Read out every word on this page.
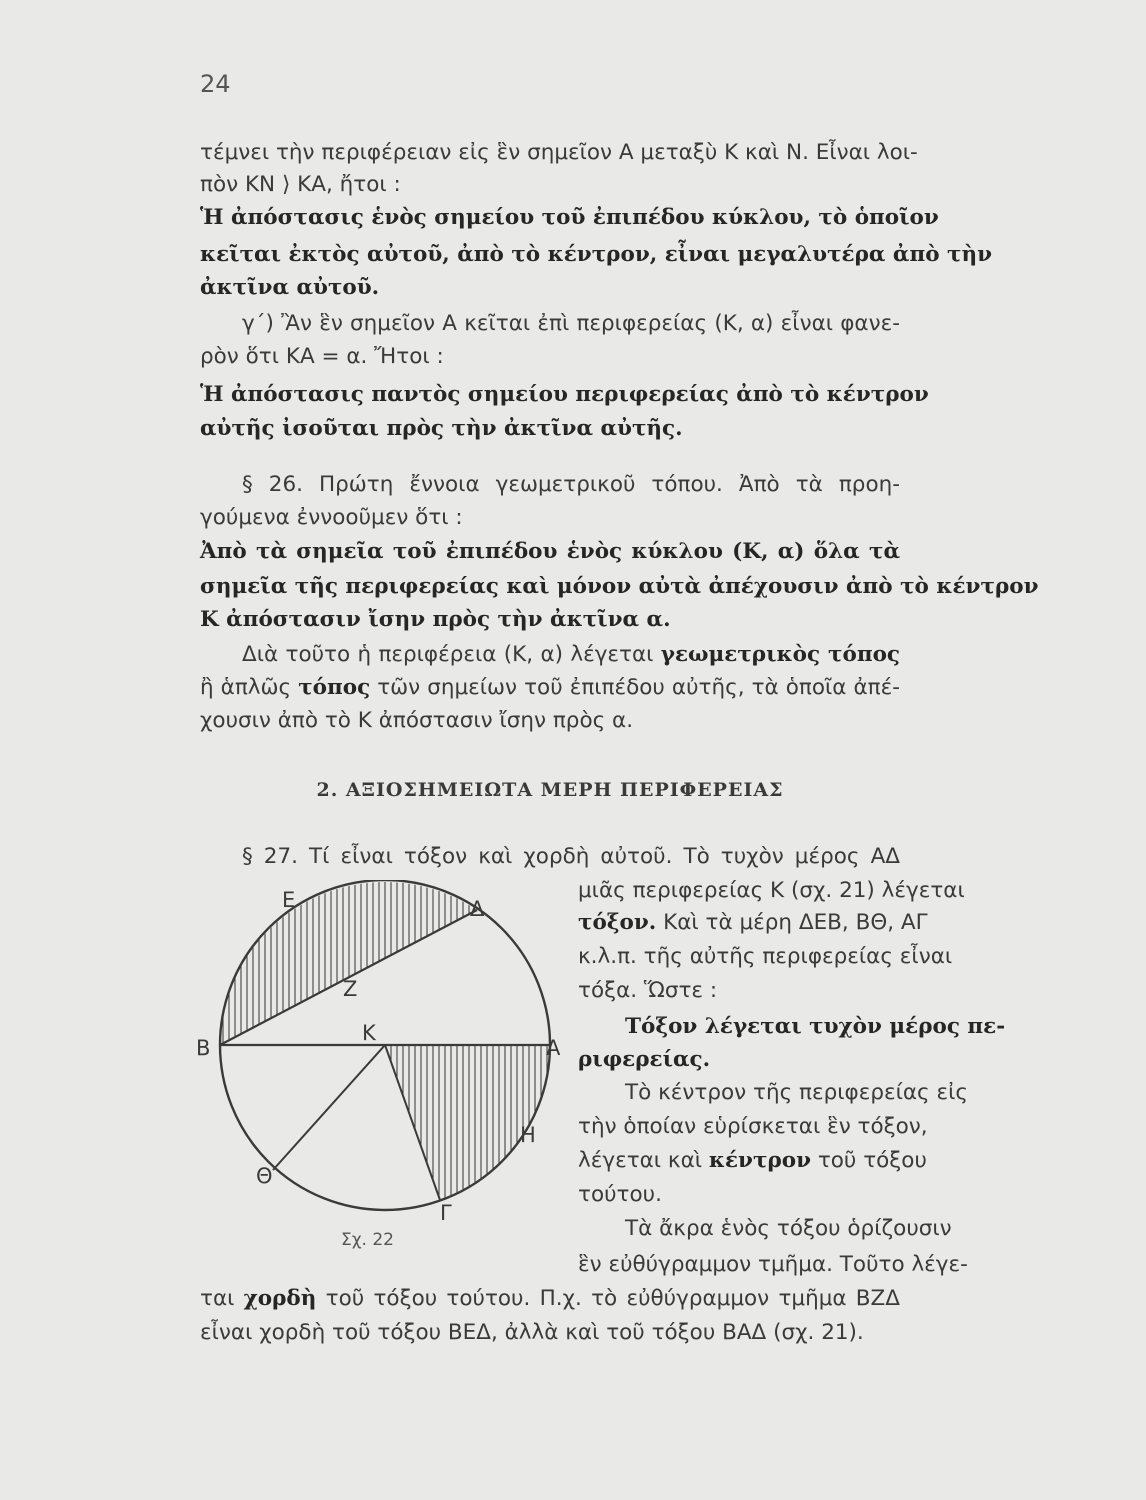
24
τέμνει τὴν περιφέρειαν εἰς ἓν σημεῖον Α μεταξὺ Κ καὶ Ν. Εἶναι λοι-
πὸν ΚΝ ⟩ ΚΑ, ἤτοι :
Ἡ ἀπόστασις ἑνὸς σημείου τοῦ ἐπιπέδου κύκλου, τὸ ὁποῖον
κεῖται ἐκτὸς αὐτοῦ, ἀπὸ τὸ κέντρον, εἶναι μεγαλυτέρα ἀπὸ τὴν
ἀκτῖνα αὐτοῦ.
γ΄) Ἂν ἓν σημεῖον Α κεῖται ἐπὶ περιφερείας (Κ, α) εἶναι φανε-
ρὸν ὅτι ΚΑ = α. Ἤτοι :
Ἡ ἀπόστασις παντὸς σημείου περιφερείας ἀπὸ τὸ κέντρον
αὐτῆς ἰσοῦται πρὸς τὴν ἀκτῖνα αὐτῆς.
§ 26. Πρώτη ἔννοια γεωμετρικοῦ τόπου. Ἀπὸ τὰ προη-
γούμενα ἐννοοῦμεν ὅτι :
Ἀπὸ τὰ σημεῖα τοῦ ἐπιπέδου ἑνὸς κύκλου (Κ, α) ὅλα τὰ
σημεῖα τῆς περιφερείας καὶ μόνον αὐτὰ ἀπέχουσιν ἀπὸ τὸ κέντρον
Κ ἀπόστασιν ἴσην πρὸς τὴν ἀκτῖνα α.
Διὰ τοῦτο ἡ περιφέρεια (Κ, α) λέγεται γεωμετρικὸς τόπος
ἢ ἁπλῶς τόπος τῶν σημείων τοῦ ἐπιπέδου αὐτῆς, τὰ ὁποῖα ἀπέ-
χουσιν ἀπὸ τὸ Κ ἀπόστασιν ἴσην πρὸς α.
2. ΑΞΙΟΣΗΜΕΙΩΤΑ ΜΕΡΗ ΠΕΡΙΦΕΡΕΙΑΣ
§ 27. Τί εἶναι τόξον καὶ χορδὴ αὐτοῦ. Τὸ τυχὸν μέρος ΑΔ
μιᾶς περιφερείας Κ (σχ. 21) λέγεται
τόξον. Καὶ τὰ μέρη ΔΕΒ, ΒΘ, ΑΓ
κ.λ.π. τῆς αὐτῆς περιφερείας εἶναι
τόξα. Ὥστε :
Τόξον λέγεται τυχὸν μέρος πε-
ριφερείας.
Τὸ κέντρον τῆς περιφερείας εἰς
τὴν ὁποίαν εὑρίσκεται ἓν τόξον,
λέγεται καὶ κέντρον τοῦ τόξου
τούτου.
Τὰ ἄκρα ἑνὸς τόξου ὁρίζουσιν
ἓν εὐθύγραμμον τμῆμα. Τοῦτο λέγε-
ται χορδὴ τοῦ τόξου τούτου. Π.χ. τὸ εὐθύγραμμον τμῆμα ΒΖΔ
εἶναι χορδὴ τοῦ τόξου ΒΕΔ, ἀλλὰ καὶ τοῦ τόξου ΒΑΔ (σχ. 21).
Ε	Δ
Ζ
Β
Κ
Α
Η
Θ
Γ
Σχ. 22
